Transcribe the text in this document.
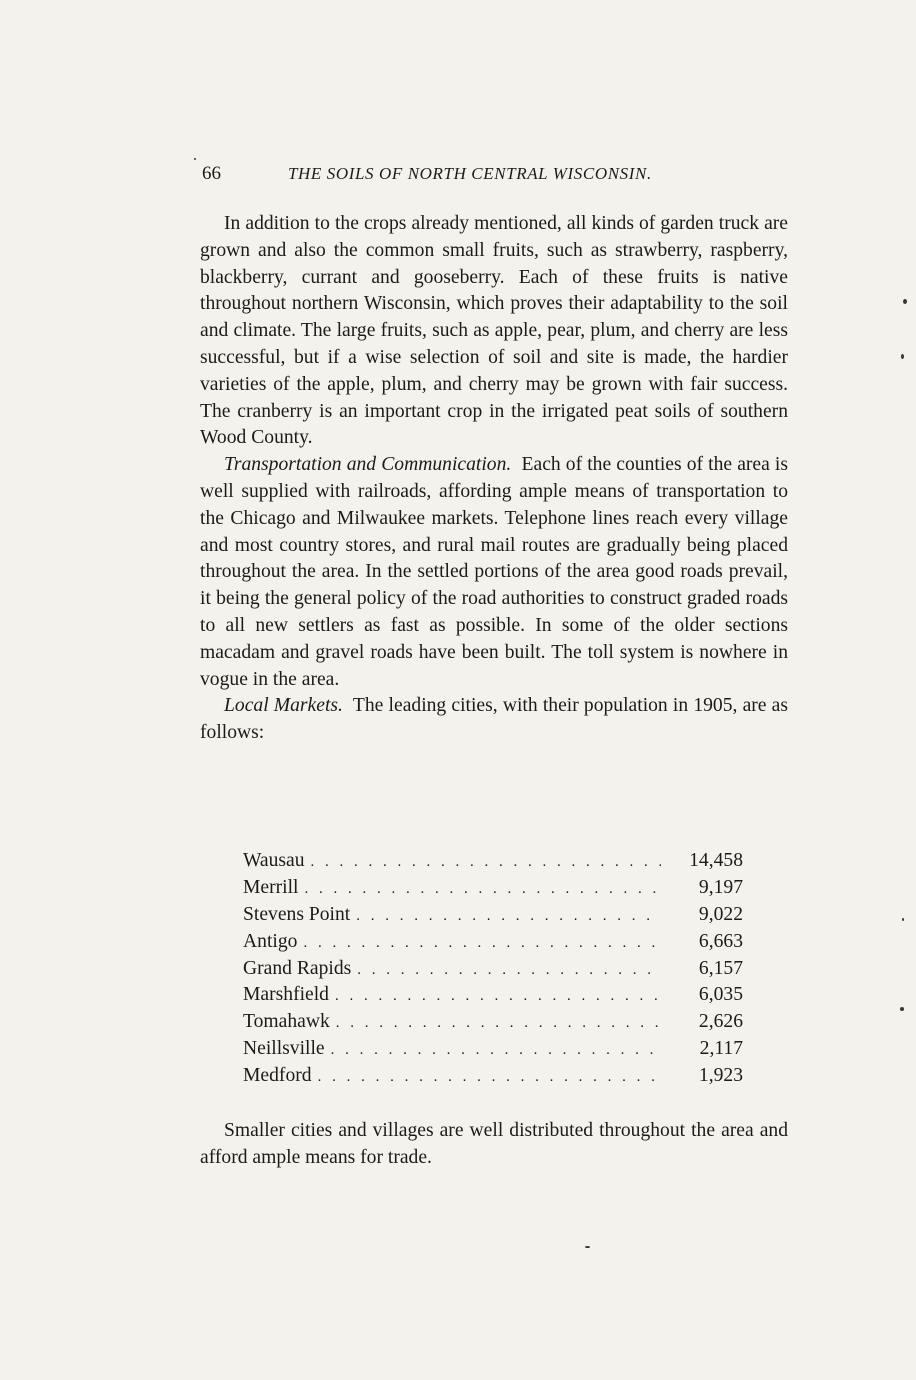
66	THE SOILS OF NORTH CENTRAL WISCONSIN.

In addition to the crops already mentioned, all kinds of garden truck are grown and also the common small fruits, such as strawberry, raspberry, blackberry, currant and gooseberry. Each of these fruits is native throughout northern Wisconsin, which proves their adaptability to the soil and climate. The large fruits, such as apple, pear, plum, and cherry are less successful, but if a wise selection of soil and site is made, the hardier varieties of the apple, plum, and cherry may be grown with fair success. The cranberry is an important crop in the irrigated peat soils of southern Wood County.

Transportation and Communication. Each of the counties of the area is well supplied with railroads, affording ample means of transportation to the Chicago and Milwaukee markets. Telephone lines reach every village and most country stores, and rural mail routes are gradually being placed throughout the area. In the settled portions of the area good roads prevail, it being the general policy of the road authorities to construct graded roads to all new settlers as fast as possible. In some of the older sections macadam and gravel roads have been built. The toll system is nowhere in vogue in the area.

Local Markets. The leading cities, with their population in 1905, are as follows:

Wausau . . .	14,458
Merrill . . .	9,197
Stevens Point . . .	9,022
Antigo . . .	6,663
Grand Rapids . . .	6,157
Marshfield . . .	6,035
Tomahawk . . .	2,626
Neillsville . . .	2,117
Medford . . .	1,923

Smaller cities and villages are well distributed throughout the area and afford ample means for trade.
